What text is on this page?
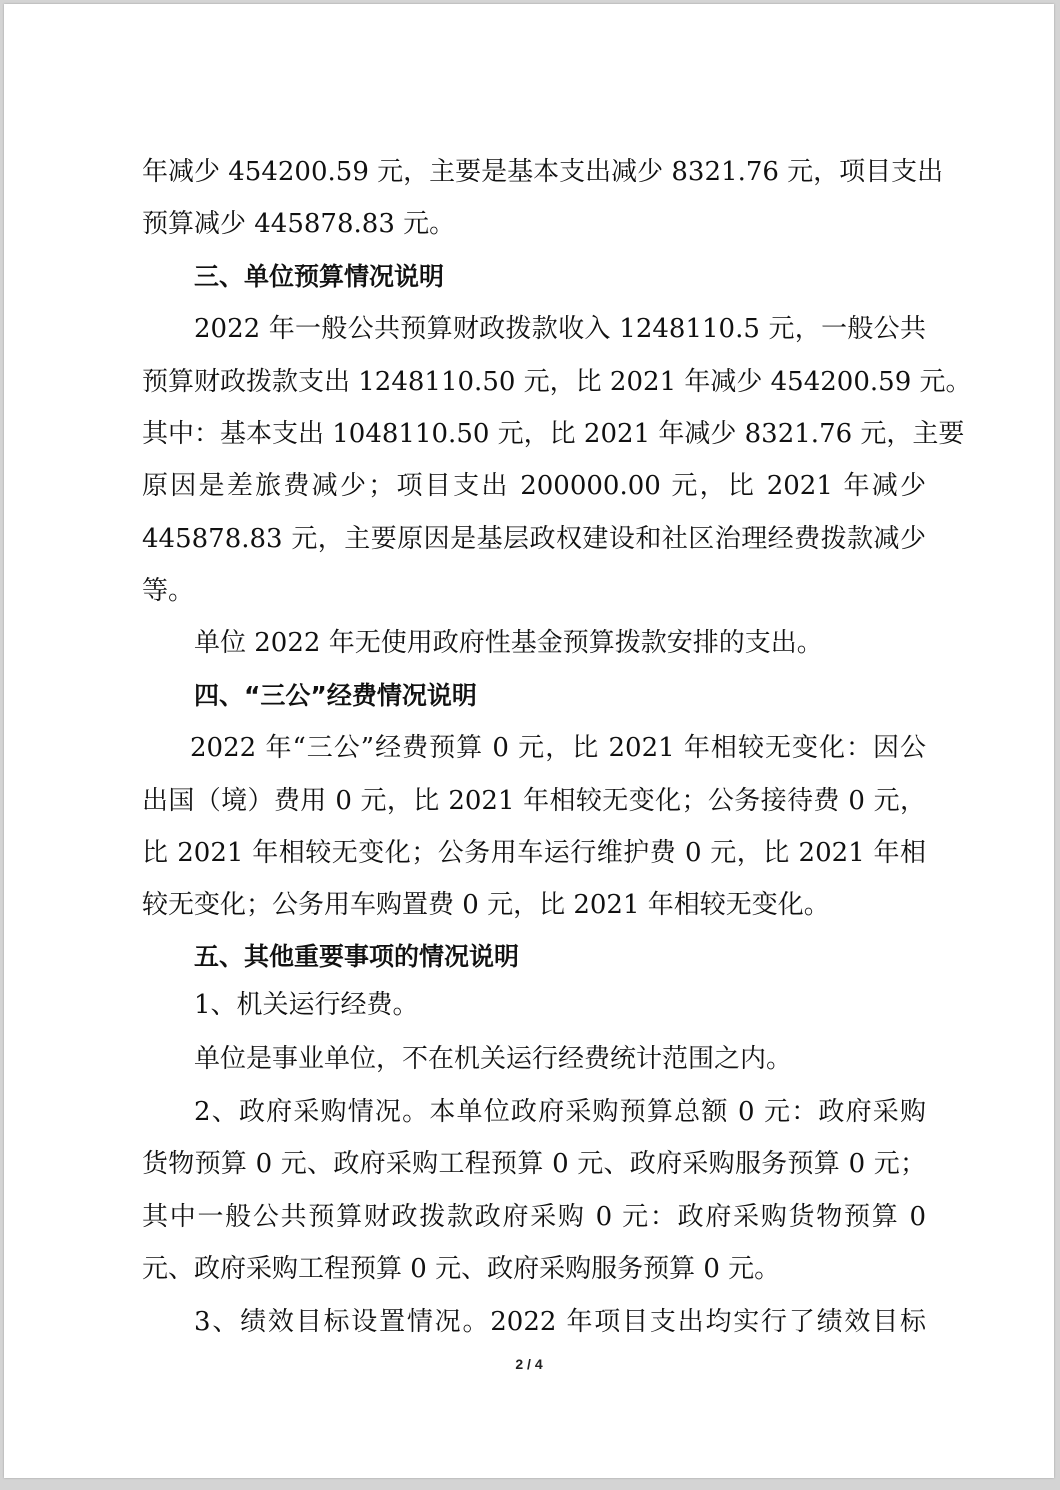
年减少 454200.59 元，主要是基本支出减少 8321.76 元，项目支出
预算减少 445878.83 元。
三、单位预算情况说明
2022 年一般公共预算财政拨款收入 1248110.5 元，一般公共
预算财政拨款支出 1248110.50 元，比 2021 年减少 454200.59 元。
其中：基本支出 1048110.50 元，比 2021 年减少 8321.76 元，主要
原因是差旅费减少；项目支出 200000.00 元，比 2021 年减少
445878.83 元，主要原因是基层政权建设和社区治理经费拨款减少
等。
单位 2022 年无使用政府性基金预算拨款安排的支出。
四、“三公”经费情况说明
2022 年“三公”经费预算 0 元，比 2021 年相较无变化：因公
出国（境）费用 0 元，比 2021 年相较无变化；公务接待费 0 元，
比 2021 年相较无变化；公务用车运行维护费 0 元，比 2021 年相
较无变化；公务用车购置费 0 元，比 2021 年相较无变化。
五、其他重要事项的情况说明
1、机关运行经费。
单位是事业单位，不在机关运行经费统计范围之内。
2、政府采购情况。本单位政府采购预算总额 0 元：政府采购
货物预算 0 元、政府采购工程预算 0 元、政府采购服务预算 0 元；
其中一般公共预算财政拨款政府采购 0 元：政府采购货物预算 0
元、政府采购工程预算 0 元、政府采购服务预算 0 元。
3、绩效目标设置情况。2022 年项目支出均实行了绩效目标
2 / 4
